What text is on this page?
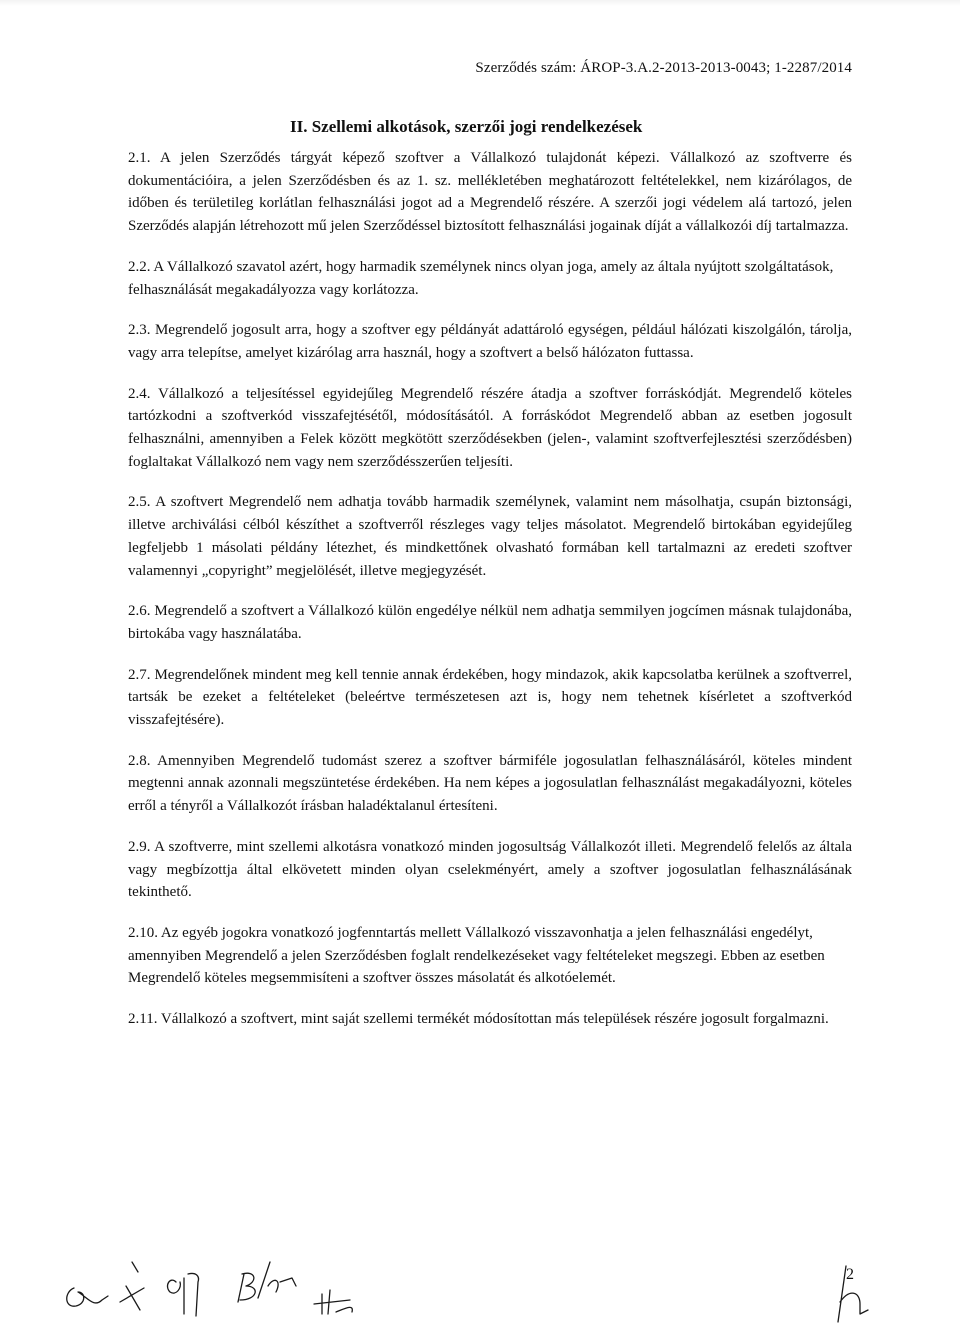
Szerződés szám: ÁROP-3.A.2-2013-2013-0043; 1-2287/2014
II. Szellemi alkotások, szerzői jogi rendelkezések

2.1. A jelen Szerződés tárgyát képező szoftver a Vállalkozó tulajdonát képezi. Vállalkozó az szoftverre és dokumentációira, a jelen Szerződésben és az 1. sz. mellékletében meghatározott feltételekkel, nem kizárólagos, de időben és területileg korlátlan felhasználási jogot ad a Megrendelő részére. A szerzői jogi védelem alá tartozó, jelen Szerződés alapján létrehozott mű jelen Szerződéssel biztosított felhasználási jogainak díját a vállalkozói díj tartalmazza.

2.2. A Vállalkozó szavatol azért, hogy harmadik személynek nincs olyan joga, amely az általa nyújtott szolgáltatások, felhasználását megakadályozza vagy korlátozza.

2.3. Megrendelő jogosult arra, hogy a szoftver egy példányát adattároló egységen, például hálózati kiszolgálón, tárolja, vagy arra telepítse, amelyet kizárólag arra használ, hogy a szoftvert a belső hálózaton futtassa.

2.4. Vállalkozó a teljesítéssel egyidejűleg Megrendelő részére átadja a szoftver forráskódját. Megrendelő köteles tartózkodni a szoftverkód visszafejtésétől, módosításától. A forráskódot Megrendelő abban az esetben jogosult felhasználni, amennyiben a Felek között megkötött szerződésekben (jelen-, valamint szoftverfejlesztési szerződésben) foglaltakat Vállalkozó nem vagy nem szerződésszerűen teljesíti.

2.5. A szoftvert Megrendelő nem adhatja tovább harmadik személynek, valamint nem másolhatja, csupán biztonsági, illetve archiválási célból készíthet a szoftverről részleges vagy teljes másolatot. Megrendelő birtokában egyidejűleg legfeljebb 1 másolati példány létezhet, és mindkettőnek olvasható formában kell tartalmazni az eredeti szoftver valamennyi „copyright” megjelölését, illetve megjegyzését.

2.6. Megrendelő a szoftvert a Vállalkozó külön engedélye nélkül nem adhatja semmilyen jogcímen másnak tulajdonába, birtokába vagy használatába.

2.7. Megrendelőnek mindent meg kell tennie annak érdekében, hogy mindazok, akik kapcsolatba kerülnek a szoftverrel, tartsák be ezeket a feltételeket (beleértve természetesen azt is, hogy nem tehetnek kísérletet a szoftverkód visszafejtésére).

2.8. Amennyiben Megrendelő tudomást szerez a szoftver bármiféle jogosulatlan felhasználásáról, köteles mindent megtenni annak azonnali megszüntetése érdekében. Ha nem képes a jogosulatlan felhasználást megakadályozni, köteles erről a tényről a Vállalkozót írásban haladéktalanul értesíteni.

2.9. A szoftverre, mint szellemi alkotásra vonatkozó minden jogosultság Vállalkozót illeti. Megrendelő felelős az általa vagy megbízottja által elkövetett minden olyan cselekményért, amely a szoftver jogosulatlan felhasználásának tekinthető.

2.10. Az egyéb jogokra vonatkozó jogfenntartás mellett Vállalkozó visszavonhatja a jelen felhasználási engedélyt, amennyiben Megrendelő a jelen Szerződésben foglalt rendelkezéseket vagy feltételeket megszegi. Ebben az esetben Megrendelő köteles megsemmisíteni a szoftver összes másolatát és alkotóelemét.

2.11. Vállalkozó a szoftvert, mint saját szellemi termékét módosítottan más települések részére jogosult forgalmazni.

2
